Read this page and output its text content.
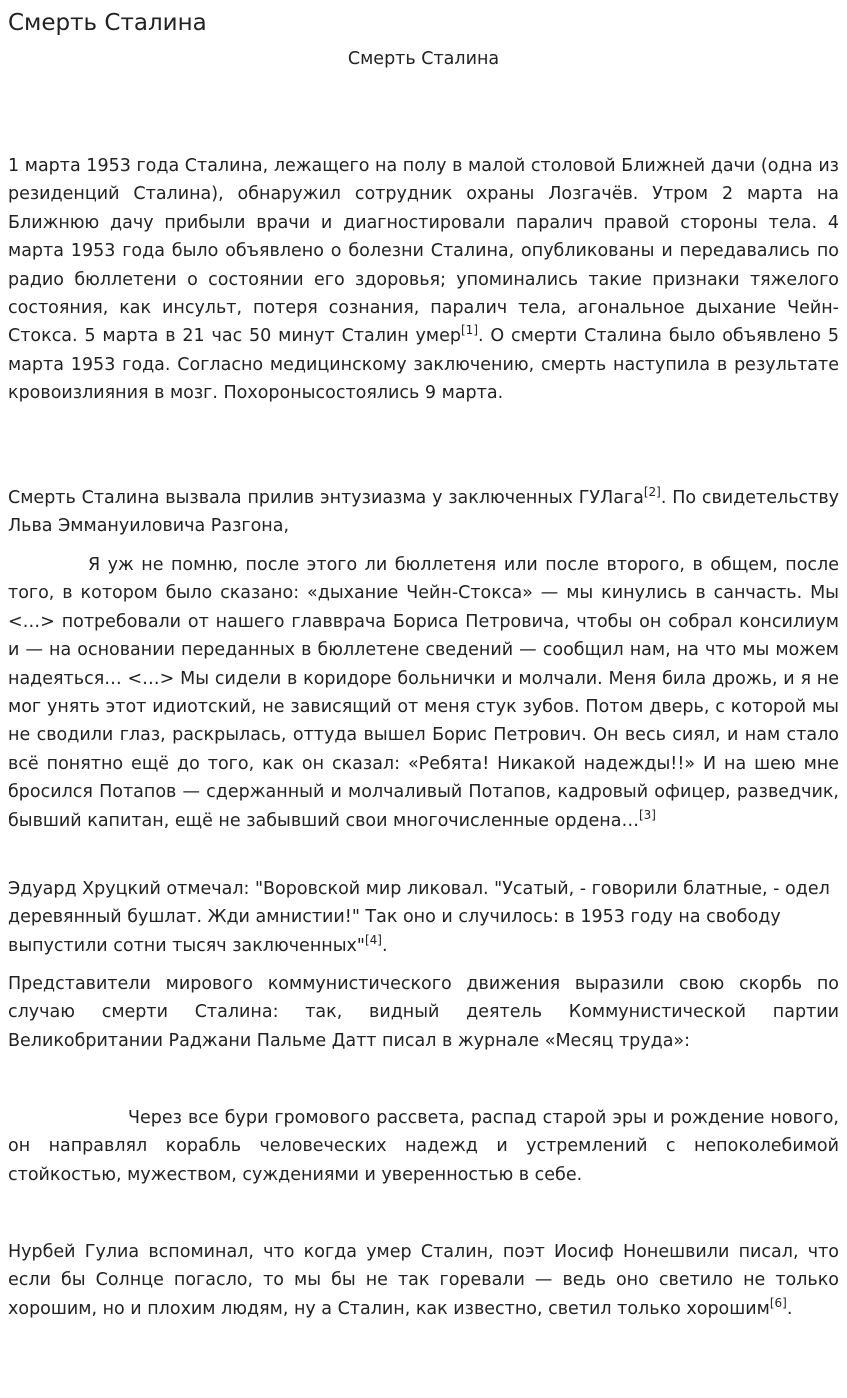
Смерть Сталина
Смерть Сталина

1 марта 1953 года Сталина, лежащего на полу в малой столовой Ближней дачи (одна из резиденций Сталина), обнаружил сотрудник охраны Лозгачёв. Утром 2 марта на Ближнюю дачу прибыли врачи и диагностировали паралич правой стороны тела. 4 марта 1953 года было объявлено о болезни Сталина, опубликованы и передавались по радио бюллетени о состоянии его здоровья; упоминались такие признаки тяжелого состояния, как инсульт, потеря сознания, паралич тела, агональное дыхание Чейн-Стокса. 5 марта в 21 час 50 минут Сталин умер[1]. О смерти Сталина было объявлено 5 марта 1953 года. Согласно медицинскому заключению, смерть наступила в результате кровоизлияния в мозг. Похоронысостоялись 9 марта.

Смерть Сталина вызвала прилив энтузиазма у заключенных ГУЛага[2]. По свидетельству Льва Эммануиловича Разгона,

Я уж не помню, после этого ли бюллетеня или после второго, в общем, после того, в котором было сказано: «дыхание Чейн-Стокса» — мы кинулись в санчасть. Мы <…> потребовали от нашего главврача Бориса Петровича, чтобы он собрал консилиум и — на основании переданных в бюллетене сведений — сообщил нам, на что мы можем надеяться… <…> Мы сидели в коридоре больнички и молчали. Меня била дрожь, и я не мог унять этот идиотский, не зависящий от меня стук зубов. Потом дверь, с которой мы не сводили глаз, раскрылась, оттуда вышел Борис Петрович. Он весь сиял, и нам стало всё понятно ещё до того, как он сказал: «Ребята! Никакой надежды!!» И на шею мне бросился Потапов — сдержанный и молчаливый Потапов, кадровый офицер, разведчик, бывший капитан, ещё не забывший свои многочисленные ордена…[3]

Эдуард Хруцкий отмечал: "Воровской мир ликовал. "Усатый, - говорили блатные, - одел деревянный бушлат. Жди амнистии!" Так оно и случилось: в 1953 году на свободу выпустили сотни тысяч заключенных"[4].

Представители мирового коммунистического движения выразили свою скорбь по случаю смерти Сталина: так, видный деятель Коммунистической партии Великобритании Раджани Пальме Датт писал в журнале «Месяц труда»:

Через все бури громового рассвета, распад старой эры и рождение нового, он направлял корабль человеческих надежд и устремлений с непоколебимой стойкостью, мужеством, суждениями и уверенностью в себе.

Нурбей Гулиа вспоминал, что когда умер Сталин, поэт Иосиф Нонешвили писал, что если бы Солнце погасло, то мы бы не так горевали — ведь оно светило не только хорошим, но и плохим людям, ну а Сталин, как известно, светил только хорошим[6].
